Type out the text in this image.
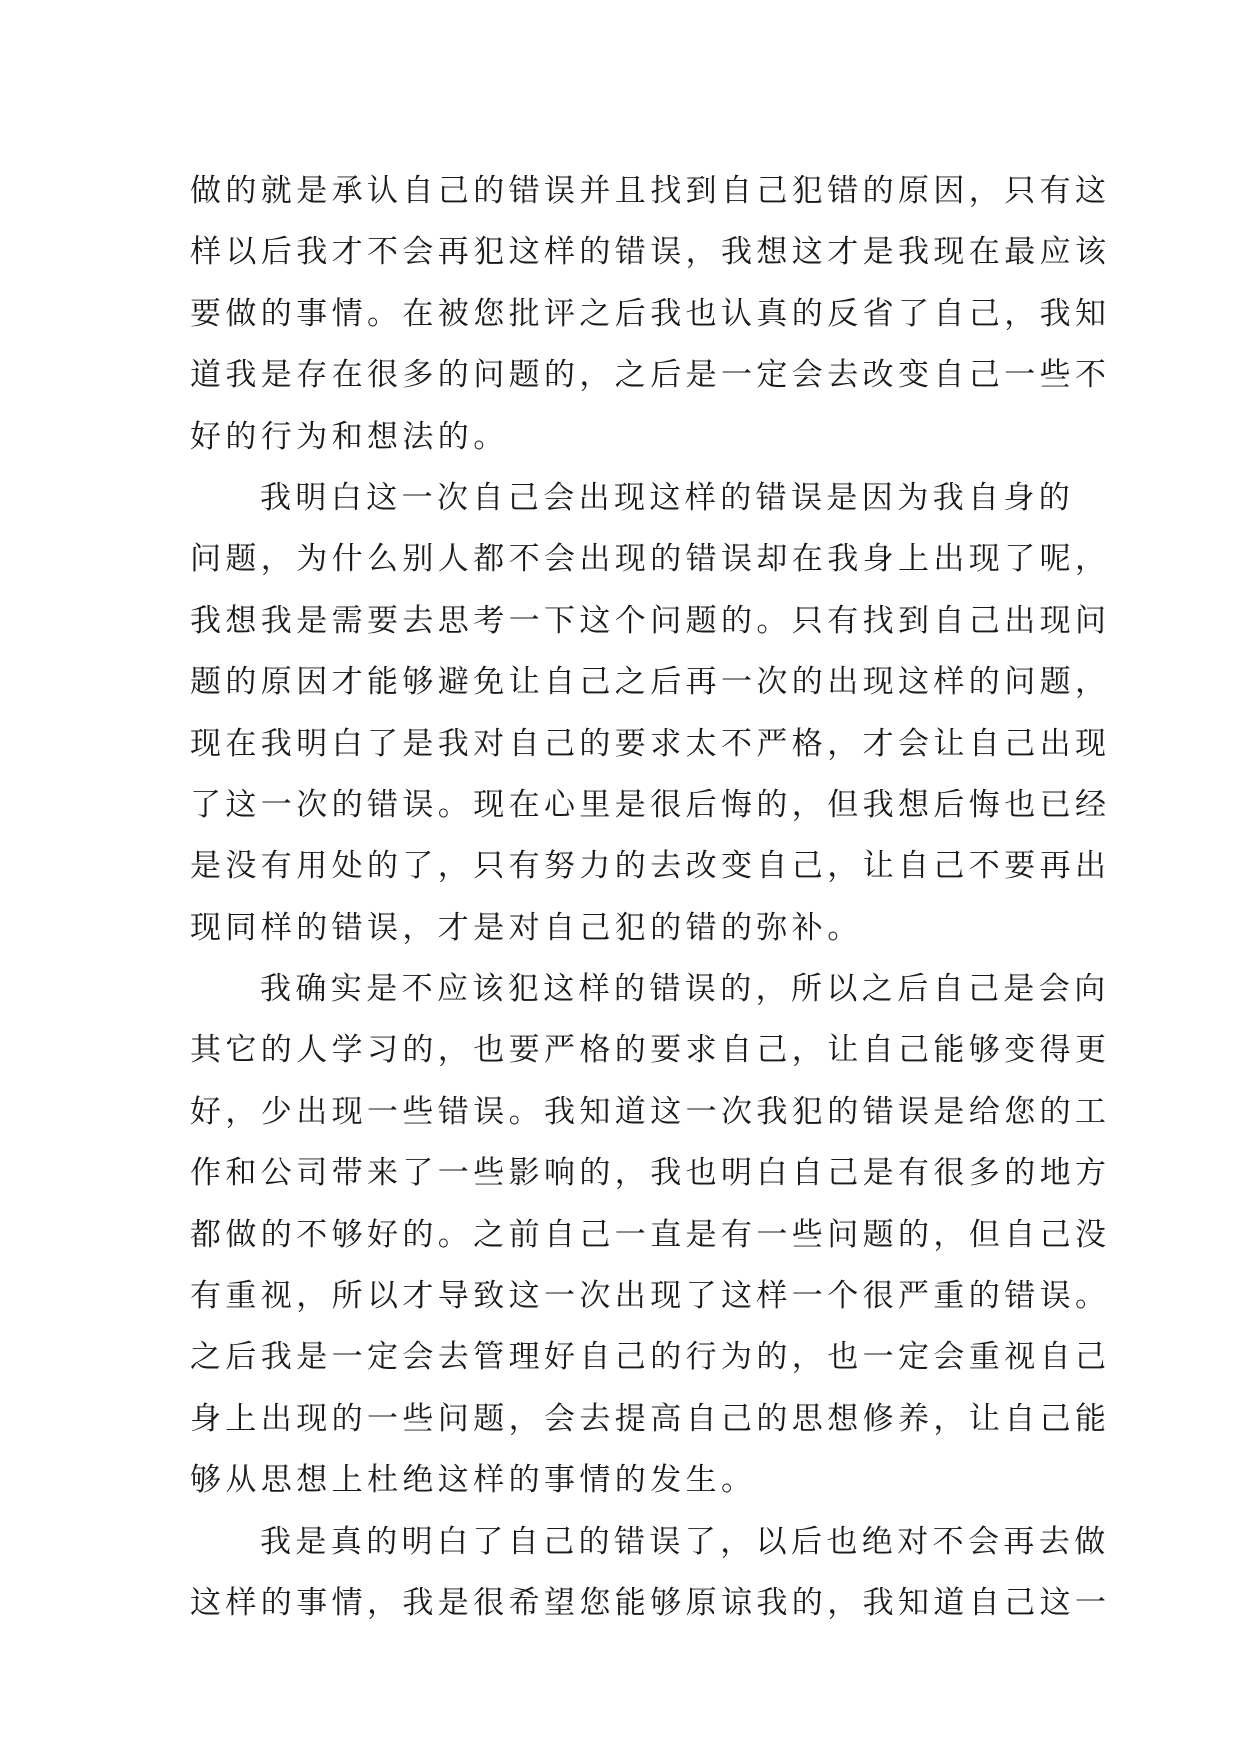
做的就是承认自己的错误并且找到自己犯错的原因，只有这
样以后我才不会再犯这样的错误，我想这才是我现在最应该
要做的事情。在被您批评之后我也认真的反省了自己，我知
道我是存在很多的问题的，之后是一定会去改变自己一些不
好的行为和想法的。
我明白这一次自己会出现这样的错误是因为我自身的
问题，为什么别人都不会出现的错误却在我身上出现了呢，
我想我是需要去思考一下这个问题的。只有找到自己出现问
题的原因才能够避免让自己之后再一次的出现这样的问题，
现在我明白了是我对自己的要求太不严格，才会让自己出现
了这一次的错误。现在心里是很后悔的，但我想后悔也已经
是没有用处的了，只有努力的去改变自己，让自己不要再出
现同样的错误，才是对自己犯的错的弥补。
我确实是不应该犯这样的错误的，所以之后自己是会向
其它的人学习的，也要严格的要求自己，让自己能够变得更
好，少出现一些错误。我知道这一次我犯的错误是给您的工
作和公司带来了一些影响的，我也明白自己是有很多的地方
都做的不够好的。之前自己一直是有一些问题的，但自己没
有重视，所以才导致这一次出现了这样一个很严重的错误。
之后我是一定会去管理好自己的行为的，也一定会重视自己
身上出现的一些问题，会去提高自己的思想修养，让自己能
够从思想上杜绝这样的事情的发生。
我是真的明白了自己的错误了，以后也绝对不会再去做
这样的事情，我是很希望您能够原谅我的，我知道自己这一
